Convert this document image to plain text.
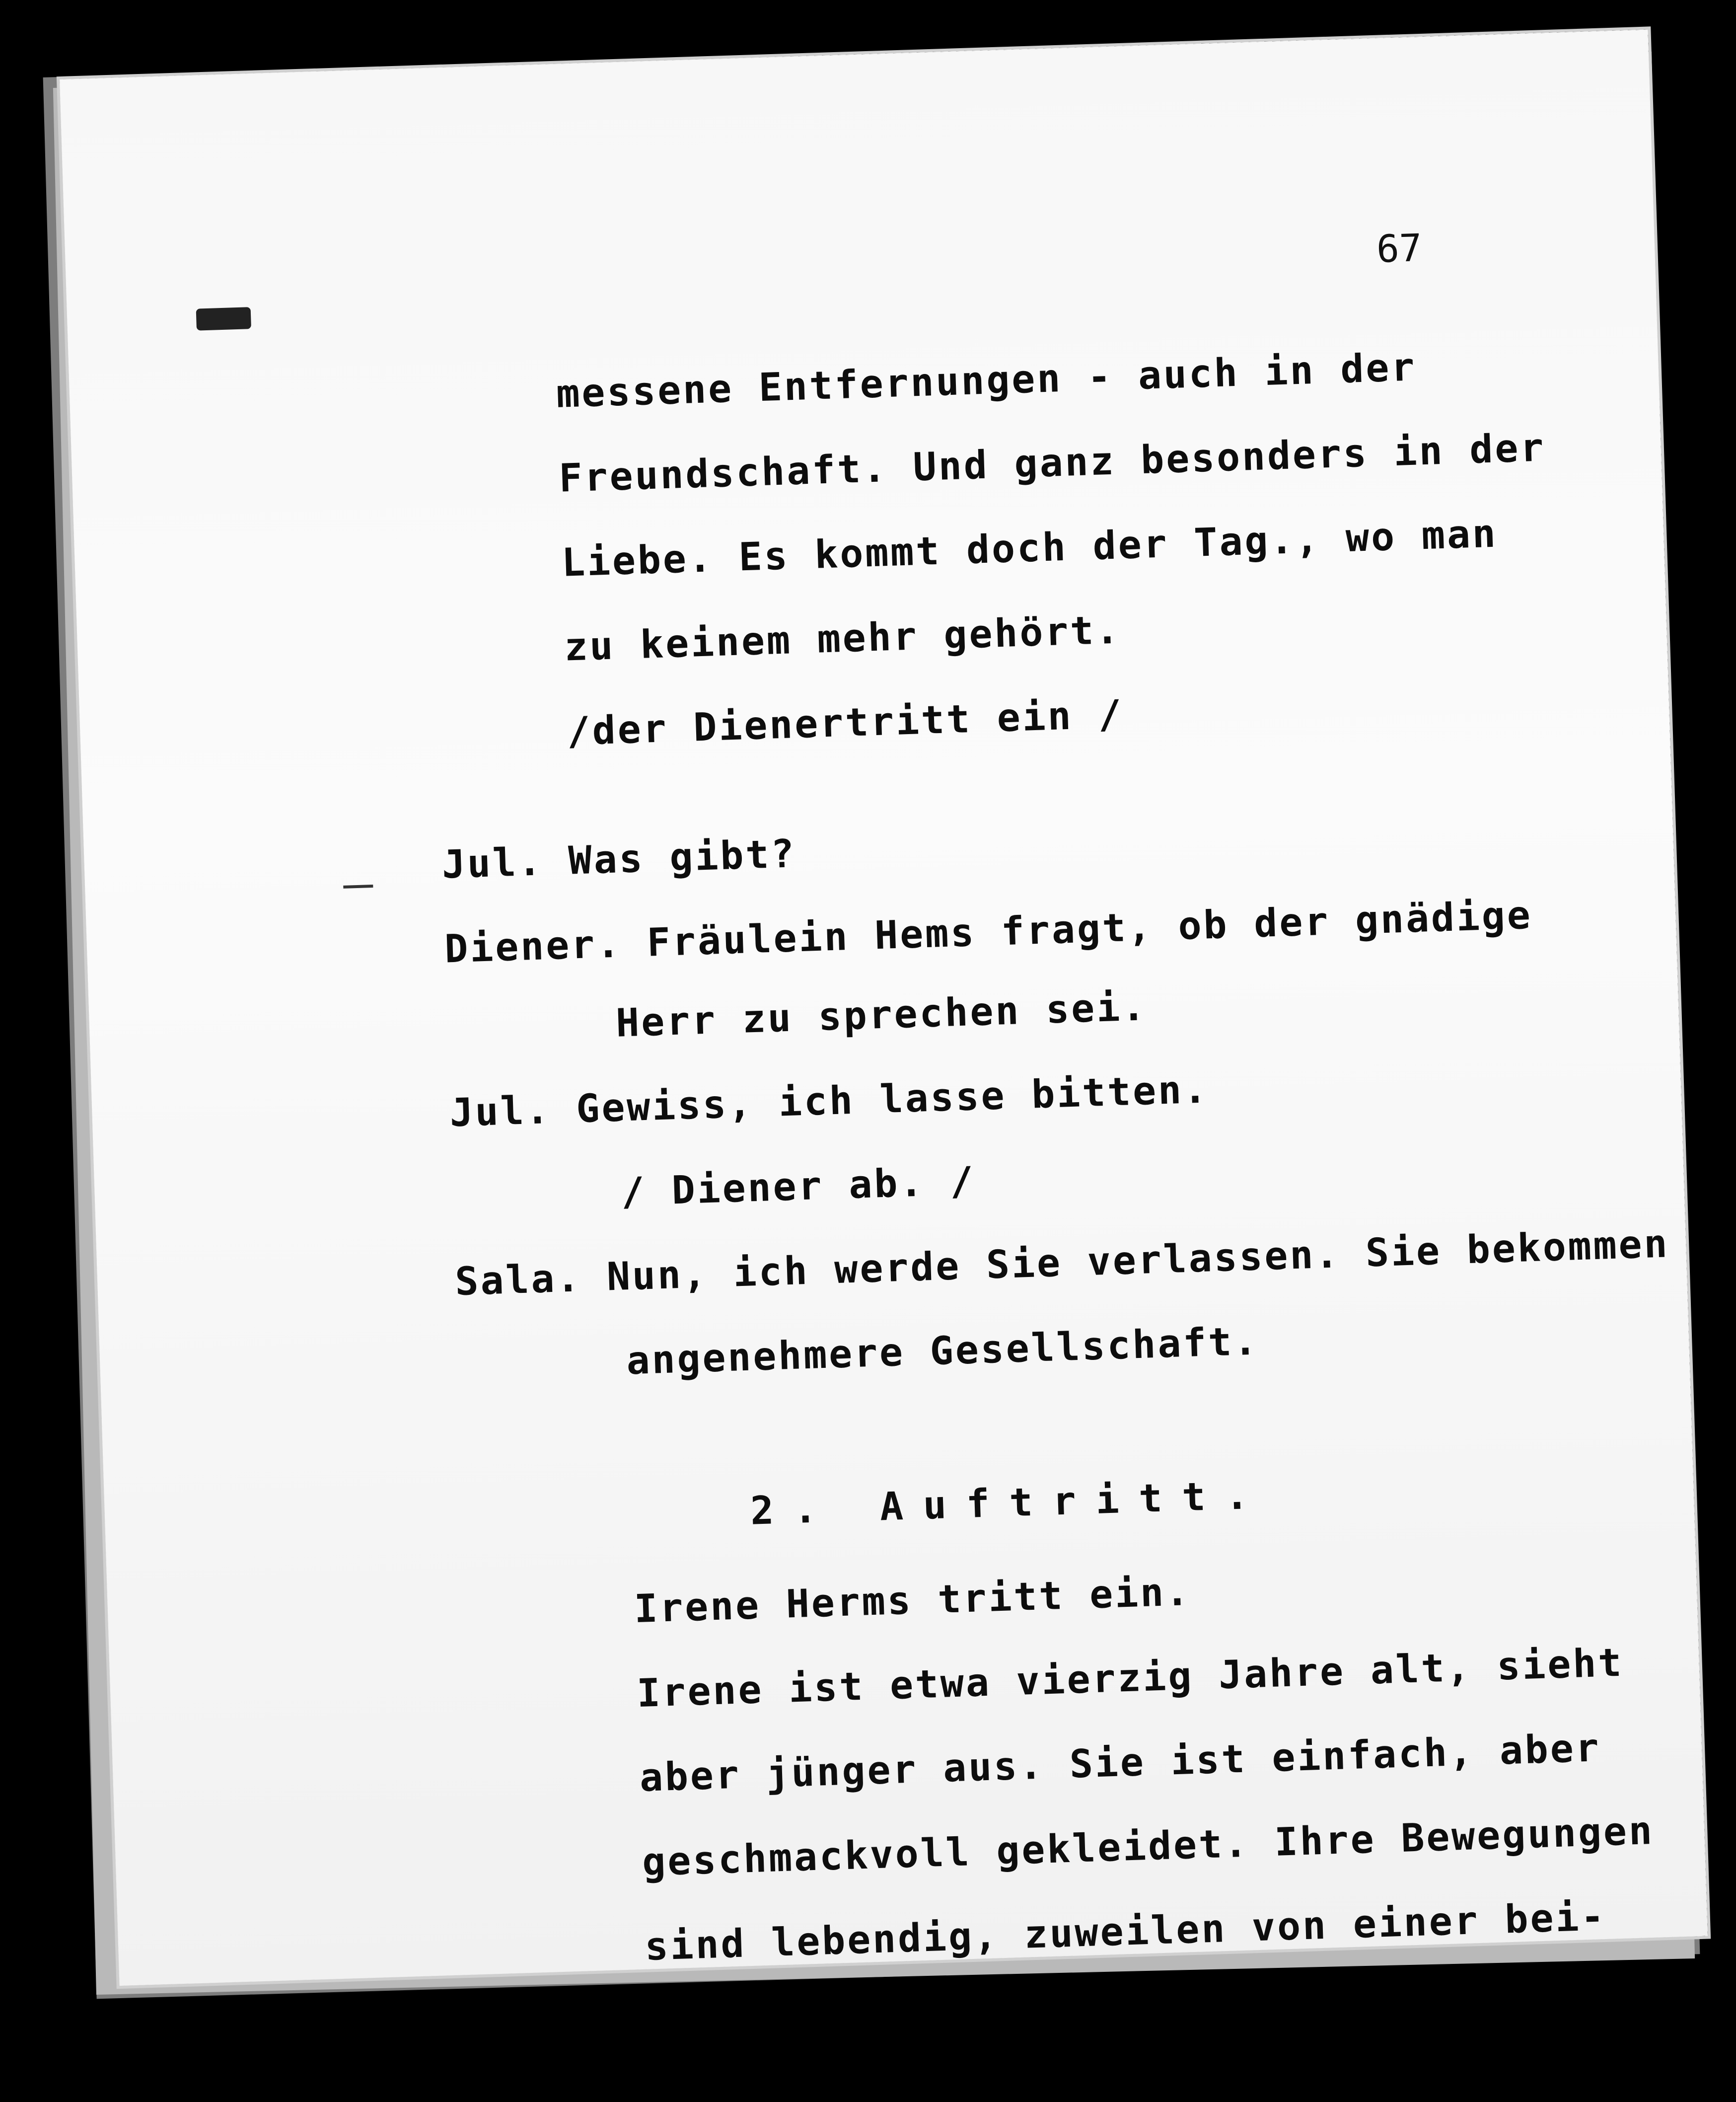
67
messene Entfernungen - auch in der
Freundschaft. Und ganz besonders in der
Liebe. Es kommt doch der Tag., wo man
zu keinem mehr gehört.
/der Dienertritt ein /
Jul. Was gibt?
Diener. Fräulein Hems fragt, ob der gnädige
Herr zu sprechen sei.
Jul. Gewiss, ich lasse bitten.
/ Diener ab. /
Sala. Nun, ich werde Sie verlassen. Sie bekommen
angenehmere Gesellschaft.
2. Auftritt.
Irene Herms tritt ein.
Irene ist etwa vierzig Jahre alt, sieht
aber jünger aus. Sie ist einfach, aber
geschmackvoll gekleidet. Ihre Bewegungen
sind lebendig, zuweilen von einer bei-
